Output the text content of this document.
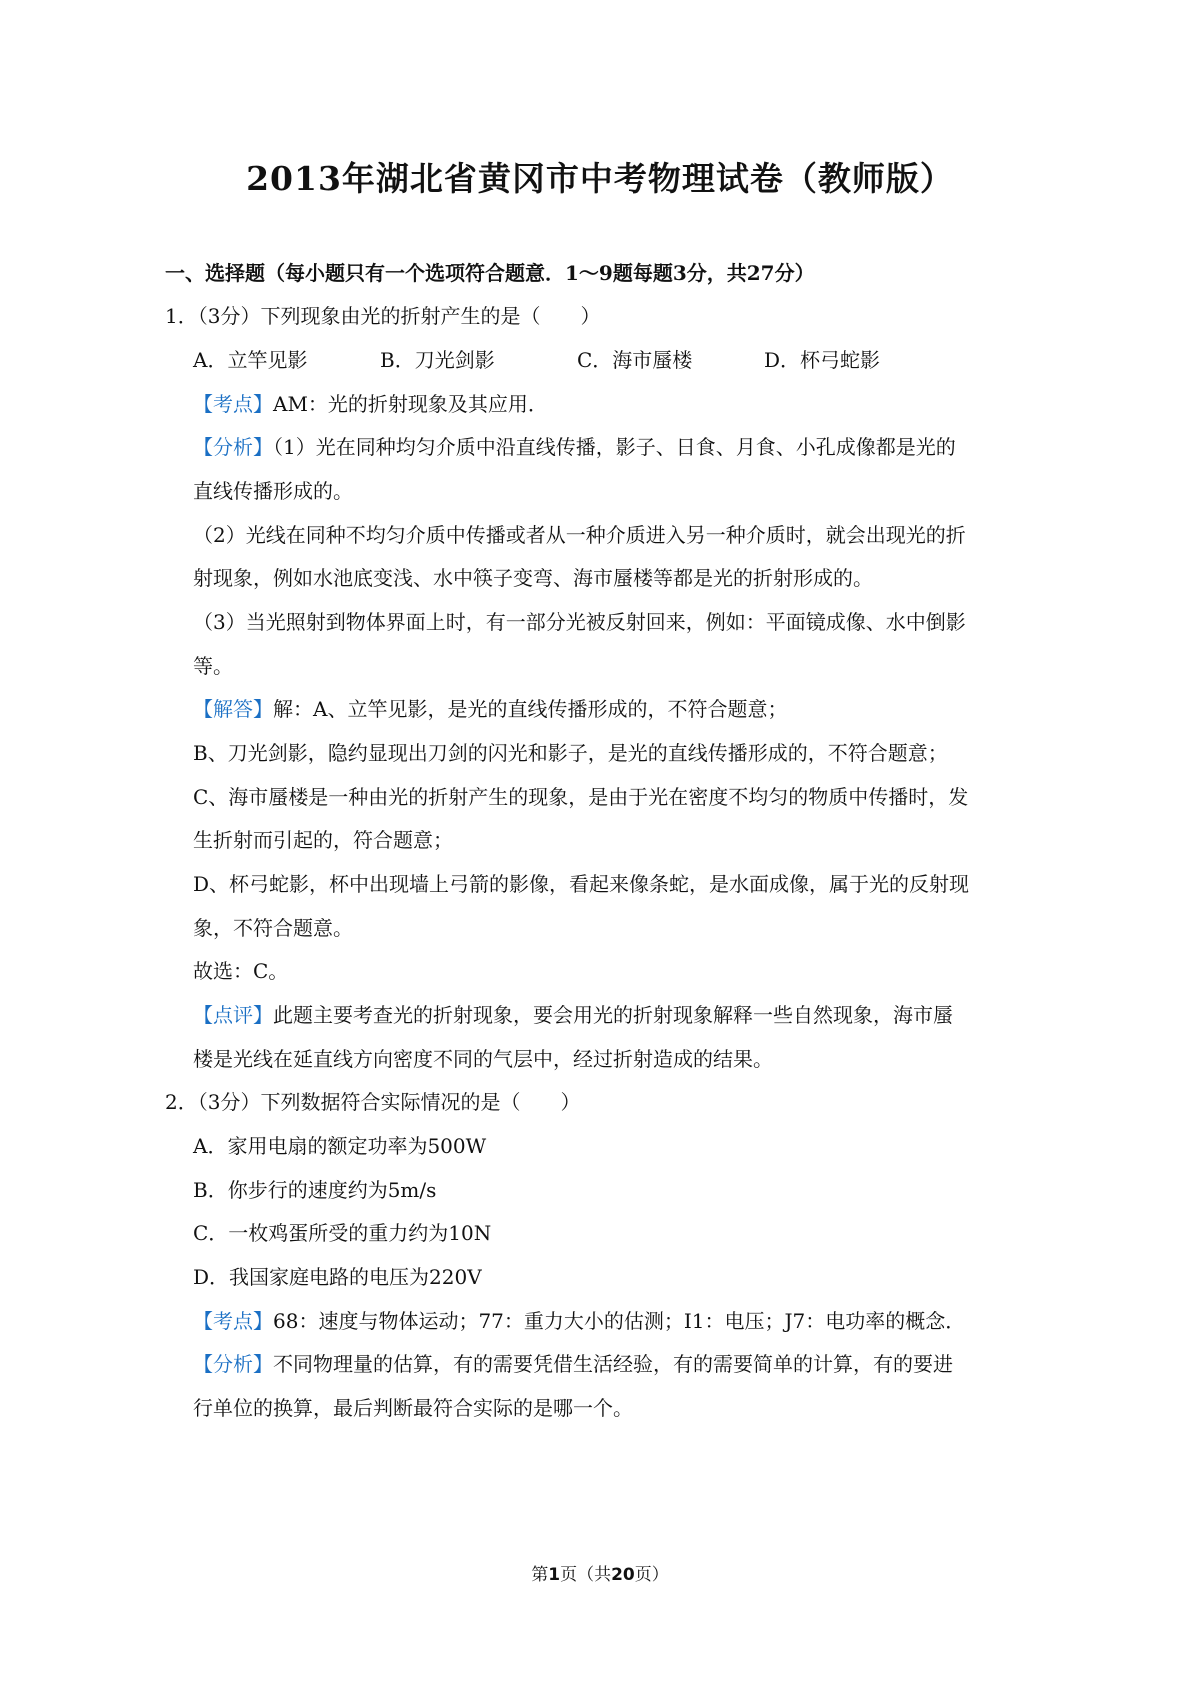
2013年湖北省黄冈市中考物理试卷（教师版）
一、选择题（每小题只有一个选项符合题意．1～9题每题3分，共27分）
1．（3分）下列现象由光的折射产生的是（　　）
A．立竿见影	B．刀光剑影	C．海市蜃楼	D．杯弓蛇影
【考点】AM：光的折射现象及其应用．
【分析】（1）光在同种均匀介质中沿直线传播，影子、日食、月食、小孔成像都是光的
直线传播形成的。
（2）光线在同种不均匀介质中传播或者从一种介质进入另一种介质时，就会出现光的折
射现象，例如水池底变浅、水中筷子变弯、海市蜃楼等都是光的折射形成的。
（3）当光照射到物体界面上时，有一部分光被反射回来，例如：平面镜成像、水中倒影
等。
【解答】解：A、立竿见影，是光的直线传播形成的，不符合题意；
B、刀光剑影，隐约显现出刀剑的闪光和影子，是光的直线传播形成的，不符合题意；
C、海市蜃楼是一种由光的折射产生的现象，是由于光在密度不均匀的物质中传播时，发
生折射而引起的，符合题意；
D、杯弓蛇影，杯中出现墙上弓箭的影像，看起来像条蛇，是水面成像，属于光的反射现
象，不符合题意。
故选：C。
【点评】此题主要考查光的折射现象，要会用光的折射现象解释一些自然现象，海市蜃
楼是光线在延直线方向密度不同的气层中，经过折射造成的结果。
2．（3分）下列数据符合实际情况的是（　　）
A．家用电扇的额定功率为500W
B．你步行的速度约为5m/s
C．一枚鸡蛋所受的重力约为10N
D．我国家庭电路的电压为220V
【考点】68：速度与物体运动；77：重力大小的估测；I1：电压；J7：电功率的概念．
【分析】不同物理量的估算，有的需要凭借生活经验，有的需要简单的计算，有的要进
行单位的换算，最后判断最符合实际的是哪一个。
第1页（共20页）
